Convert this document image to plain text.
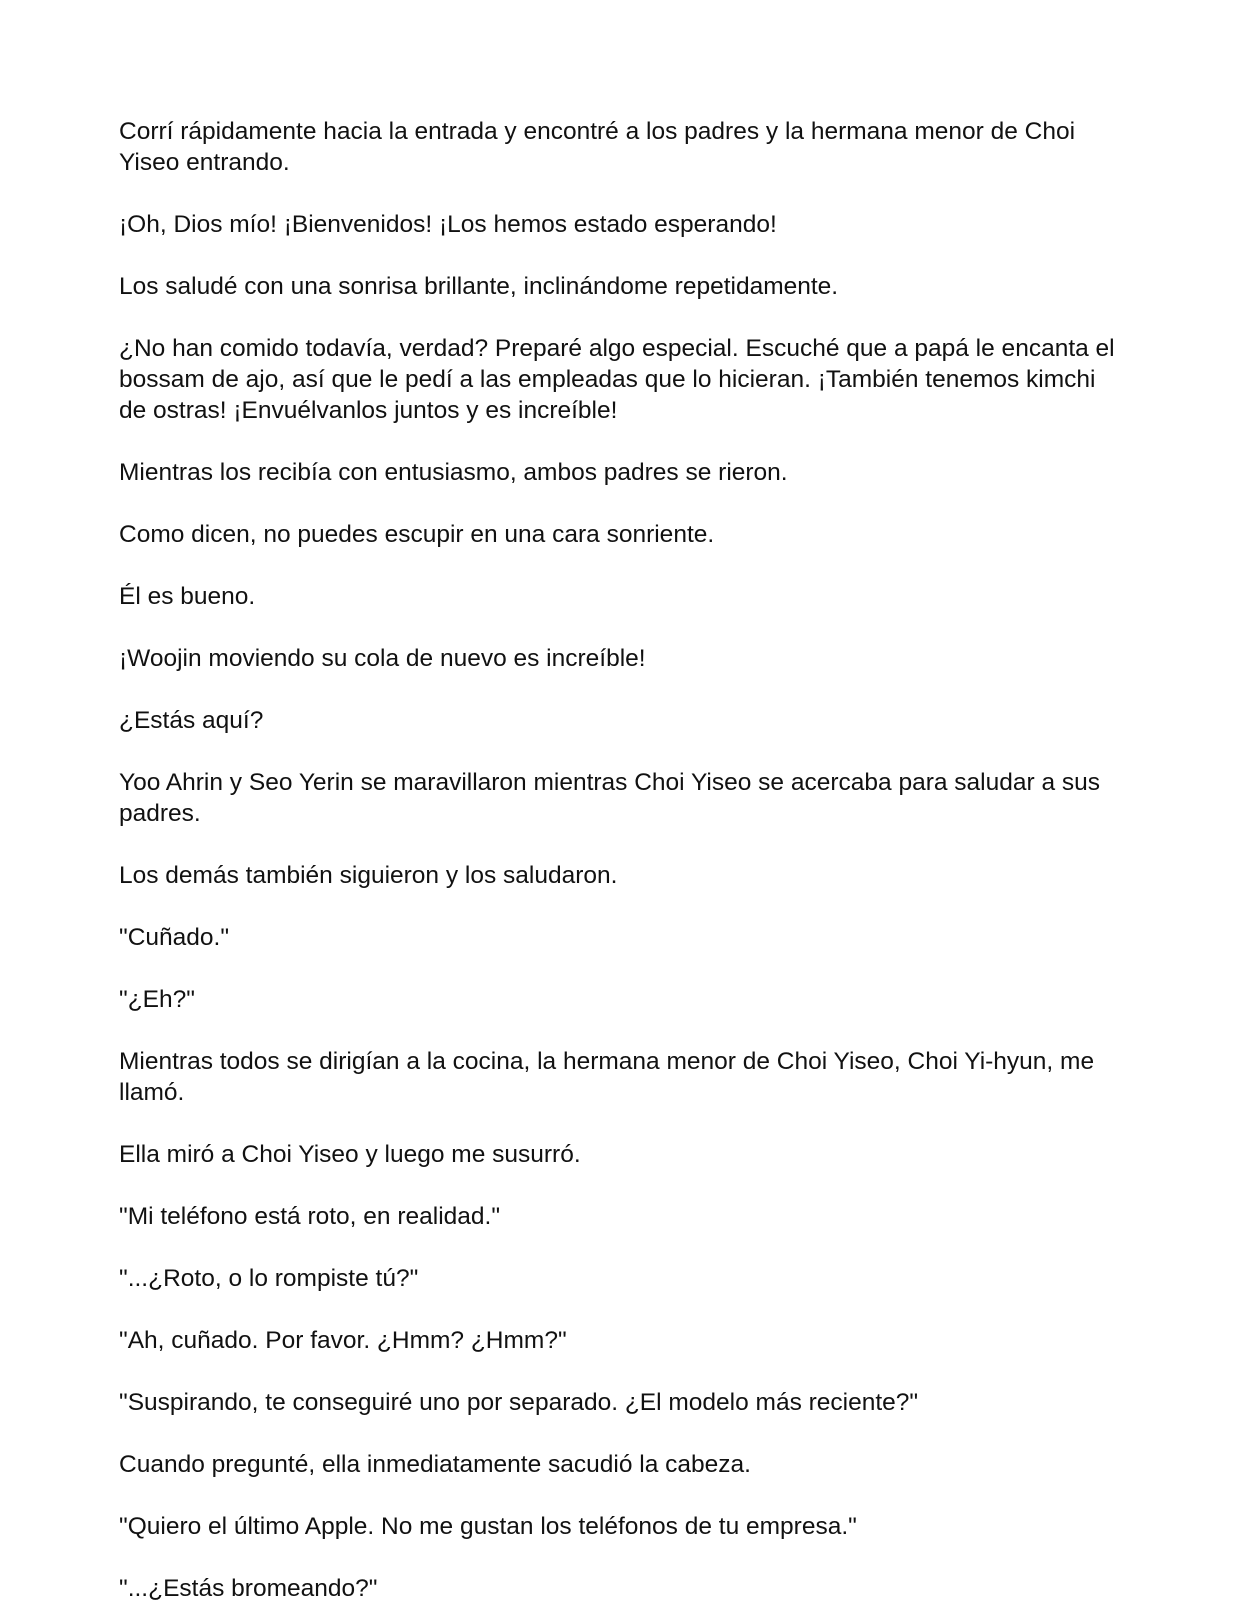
Corrí rápidamente hacia la entrada y encontré a los padres y la hermana menor de Choi Yiseo entrando.

¡Oh, Dios mío! ¡Bienvenidos! ¡Los hemos estado esperando!

Los saludé con una sonrisa brillante, inclinándome repetidamente.

¿No han comido todavía, verdad? Preparé algo especial. Escuché que a papá le encanta el bossam de ajo, así que le pedí a las empleadas que lo hicieran. ¡También tenemos kimchi de ostras! ¡Envuélvanlos juntos y es increíble!

Mientras los recibía con entusiasmo, ambos padres se rieron.

Como dicen, no puedes escupir en una cara sonriente.

Él es bueno.

¡Woojin moviendo su cola de nuevo es increíble!

¿Estás aquí?

Yoo Ahrin y Seo Yerin se maravillaron mientras Choi Yiseo se acercaba para saludar a sus padres.

Los demás también siguieron y los saludaron.

"Cuñado."

"¿Eh?"

Mientras todos se dirigían a la cocina, la hermana menor de Choi Yiseo, Choi Yi-hyun, me llamó.

Ella miró a Choi Yiseo y luego me susurró.

"Mi teléfono está roto, en realidad."

"...¿Roto, o lo rompiste tú?"

"Ah, cuñado. Por favor. ¿Hmm? ¿Hmm?"

"Suspirando, te conseguiré uno por separado. ¿El modelo más reciente?"

Cuando pregunté, ella inmediatamente sacudió la cabeza.

"Quiero el último Apple. No me gustan los teléfonos de tu empresa."

"...¿Estás bromeando?"
